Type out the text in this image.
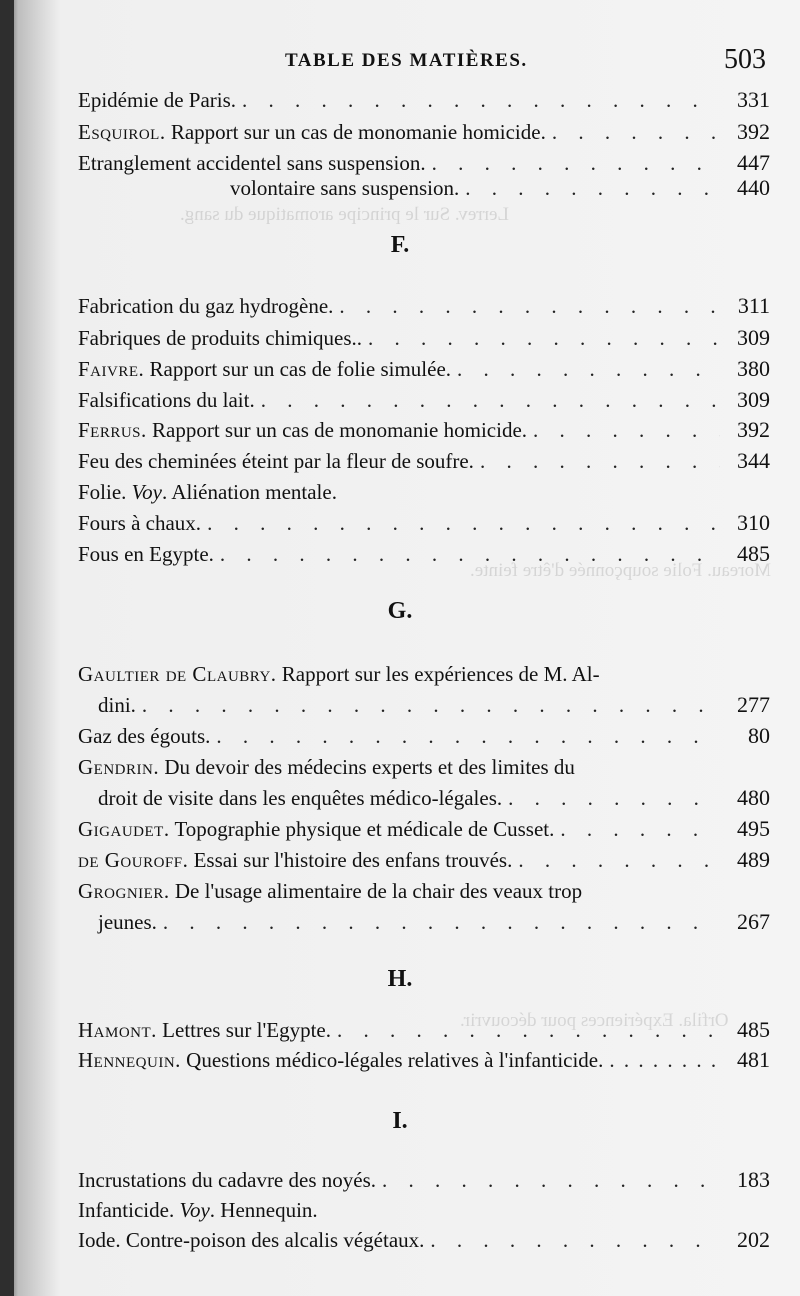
Lerrev. Sur le principe aromatique du sang.
Moreau. Folie soupçonnée d'être feinte.
Orfila. Expériences pour découvrir.
TABLE DES MATIÈRES.	503
Epidémie de Paris. . . .	331
Esquirol. Rapport sur un cas de monomanie homicide. . . .	392
Etranglement accidentel sans suspension. . . .	447
volontaire sans suspension. . . .	440
F.
Fabrication du gaz hydrogène. . . .	311
Fabriques de produits chimiques.. . . .	309
Faivre. Rapport sur un cas de folie simulée. . . .	380
Falsifications du lait. . . .	309
Ferrus. Rapport sur un cas de monomanie homicide. . . .	392
Feu des cheminées éteint par la fleur de soufre. . . .	344
Folie. Voy. Aliénation mentale.
Fours à chaux. . . .	310
Fous en Egypte. . . .	485
G.
Gaultier de Claubry. Rapport sur les expériences de M. Al-
dini. . . .	277
Gaz des égouts. . . .	80
Gendrin. Du devoir des médecins experts et des limites du
droit de visite dans les enquêtes médico-légales. . . .	480
Gigaudet. Topographie physique et médicale de Cusset. . . .	495
de Gouroff. Essai sur l'histoire des enfans trouvés. . . .	489
Grognier. De l'usage alimentaire de la chair des veaux trop
jeunes. . . .	267
H.
Hamont. Lettres sur l'Egypte. . . .	485
Hennequin. Questions médico-légales relatives à l'infanticide. . . .	481
I.
Incrustations du cadavre des noyés. . . .	183
Infanticide. Voy. Hennequin.
Iode. Contre-poison des alcalis végétaux. . . .	202
